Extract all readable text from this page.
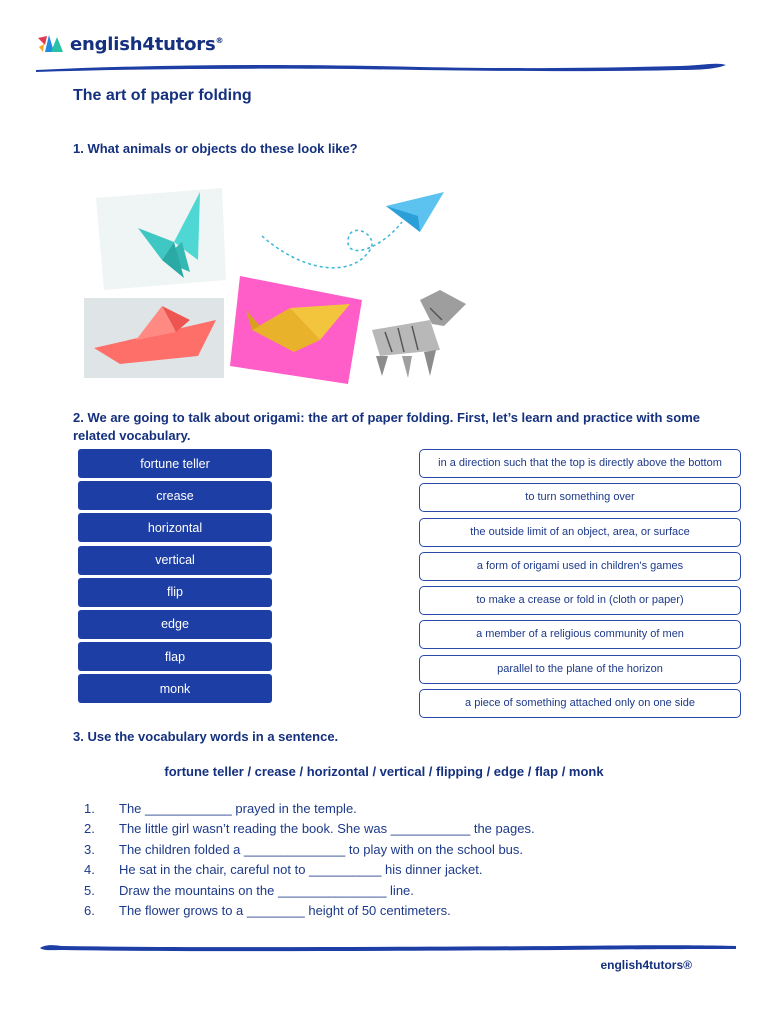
english4tutors®
The art of paper folding
1. What animals or objects do these look like?
2. We are going to talk about origami: the art of paper folding. First, let’s learn and practice with some related vocabulary.
fortune teller
crease
horizontal
vertical
flip
edge
flap
monk
in a direction such that the top is directly above the bottom
to turn something over
the outside limit of an object, area, or surface
a form of origami used in children's games
to make a crease or fold in (cloth or paper)
a member of a religious community of men
parallel to the plane of the horizon
a piece of something attached only on one side
3. Use the vocabulary words in a sentence.
fortune teller / crease / horizontal / vertical / flipping / edge / flap / monk
1.	The ____________ prayed in the temple.
2.	The little girl wasn’t reading the book. She was ___________ the pages.
3.	The children folded a ______________ to play with on the school bus.
4.	He sat in the chair, careful not to __________ his dinner jacket.
5.	Draw the mountains on the _______________ line.
6.	The flower grows to a ________ height of 50 centimeters.
english4tutors®
